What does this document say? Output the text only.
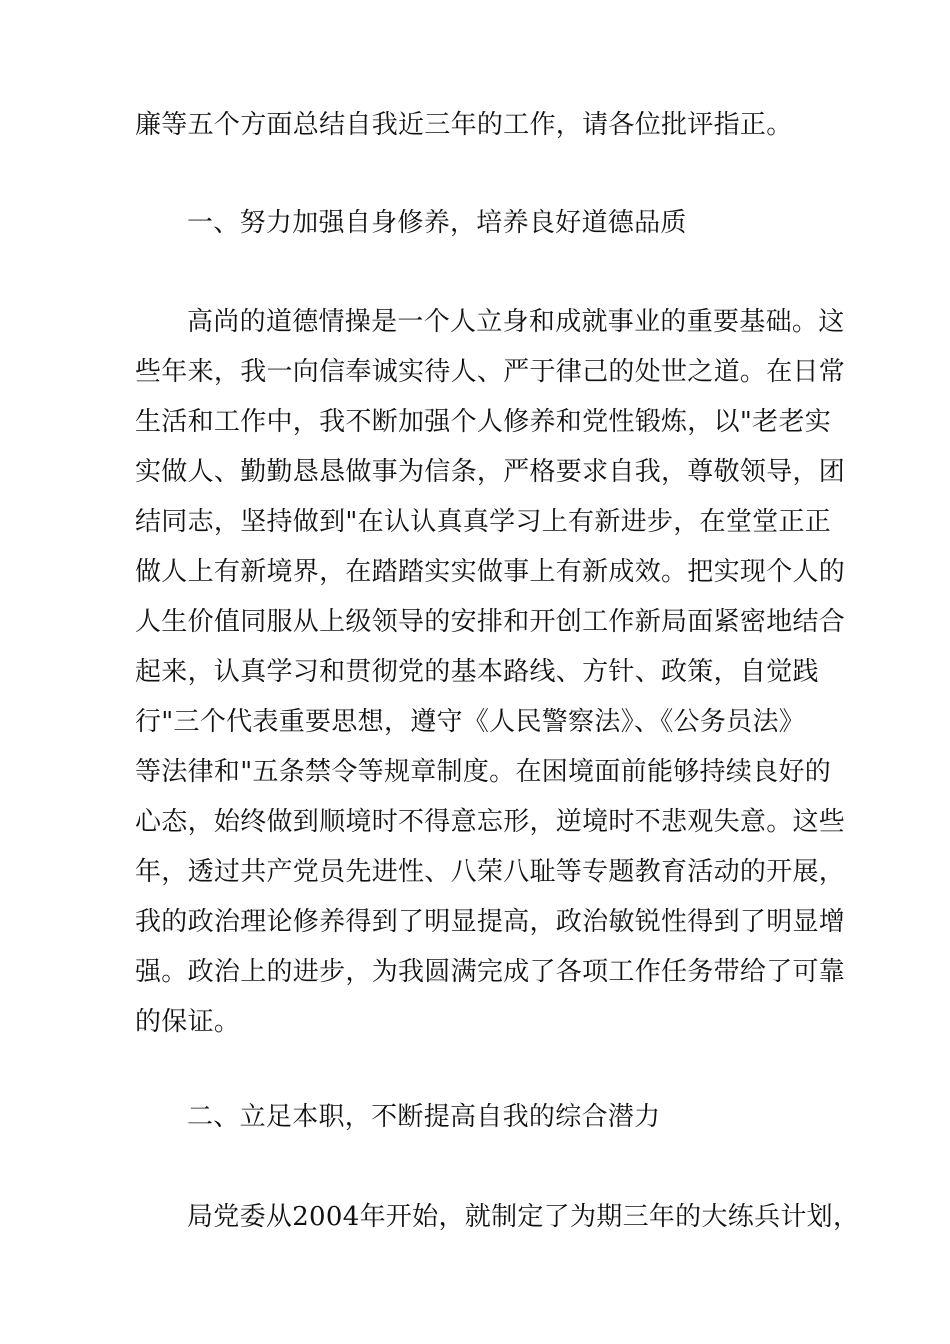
廉等五个方面总结自我近三年的工作，请各位批评指正。
一、努力加强自身修养，培养良好道德品质
高尚的道德情操是一个人立身和成就事业的重要基础。这
些年来，我一向信奉诚实待人、严于律己的处世之道。在日常
生活和工作中，我不断加强个人修养和党性锻炼，以"老老实
实做人、勤勤恳恳做事为信条，严格要求自我，尊敬领导，团
结同志，坚持做到"在认认真真学习上有新进步，在堂堂正正
做人上有新境界，在踏踏实实做事上有新成效。把实现个人的
人生价值同服从上级领导的安排和开创工作新局面紧密地结合
起来，认真学习和贯彻党的基本路线、方针、政策，自觉践
行"三个代表重要思想，遵守《人民警察法》、《公务员法》
等法律和"五条禁令等规章制度。在困境面前能够持续良好的
心态，始终做到顺境时不得意忘形，逆境时不悲观失意。这些
年，透过共产党员先进性、八荣八耻等专题教育活动的开展，
我的政治理论修养得到了明显提高，政治敏锐性得到了明显增
强。政治上的进步，为我圆满完成了各项工作任务带给了可靠
的保证。
二、立足本职，不断提高自我的综合潜力
局党委从2004年开始，就制定了为期三年的大练兵计划，
